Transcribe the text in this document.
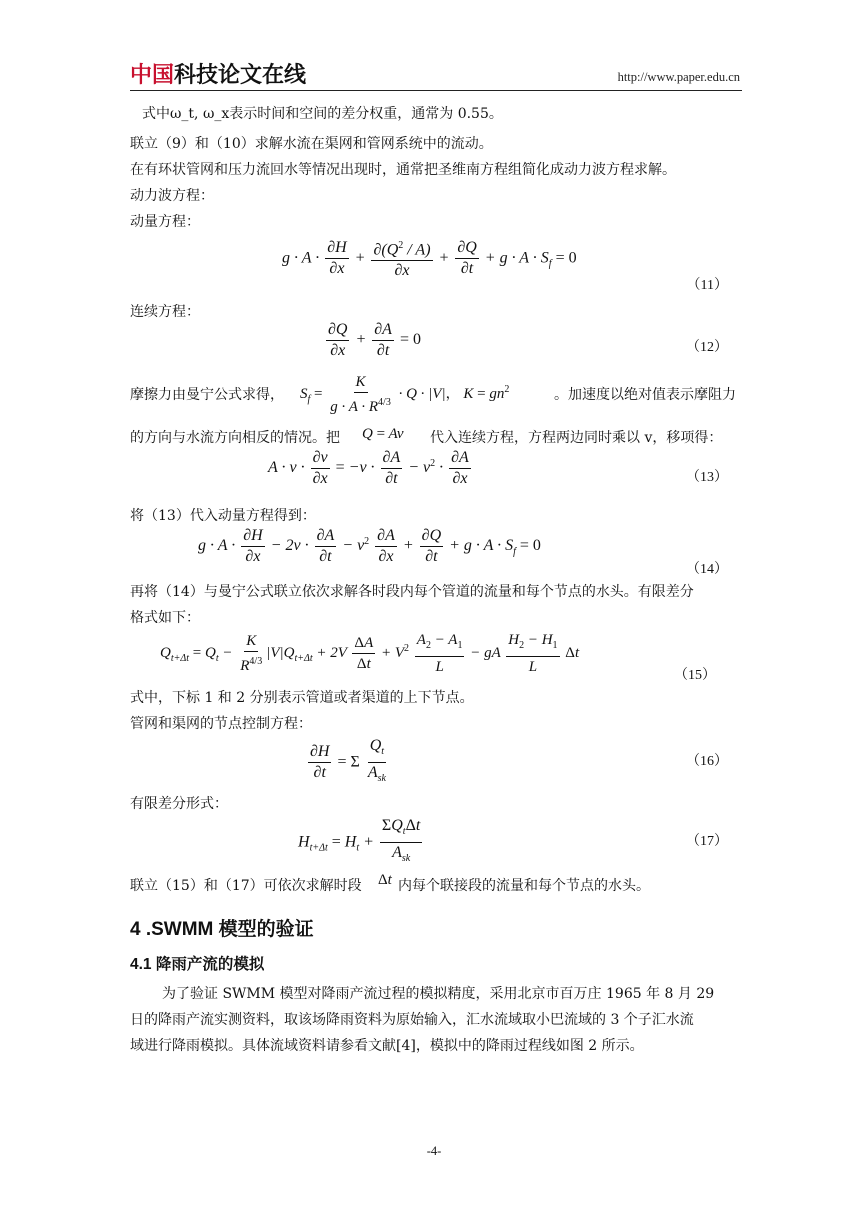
中国科技论文在线	http://www.paper.edu.cn
式中ω_t, ω_x表示时间和空间的差分权重，通常为 0.55。
联立（9）和（10）求解水流在渠网和管网系统中的流动。
在有环状管网和压力流回水等情况出现时，通常把圣维南方程组简化成动力波方程求解。
动力波方程：
动量方程：
$g \cdot A \cdot \frac{\partial H}{\partial x} + \frac{\partial(Q^2 / A)}{\partial x} + \frac{\partial Q}{\partial t} + g \cdot A \cdot S_f = 0$
（11）
连续方程：
$\frac{\partial Q}{\partial x} + \frac{\partial A}{\partial t} = 0$	（12）
摩擦力由曼宁公式求得， $S_f = \frac{K}{g \cdot A \cdot R^{4/3}} \cdot Q \cdot |V|$， $K = gn^2$	。加速度以绝对值表示摩阻力
的方向与水流方向相反的情况。把 Q = Av 代入连续方程，方程两边同时乘以 v，移项得：
$A \cdot v \cdot \frac{\partial v}{\partial x} = -v \cdot \frac{\partial A}{\partial t} - v^2 \cdot \frac{\partial A}{\partial x}$	（13）
将（13）代入动量方程得到：
$g \cdot A \cdot \frac{\partial H}{\partial x} - 2v \cdot \frac{\partial A}{\partial t} - v^2 \frac{\partial A}{\partial x} + \frac{\partial Q}{\partial t} + g \cdot A \cdot S_f = 0$
（14）
再将（14）与曼宁公式联立依次求解各时段内每个管道的流量和每个节点的水头。有限差分
格式如下：
$Q_{t+\Delta t} = Q_t - \frac{K}{R^{4/3}} |V|Q_{t+\Delta t} + 2V \frac{\Delta A}{\Delta t} + V^2 \frac{A_2 - A_1}{L}$ − gA $\frac{H_2 - H_1}{L}$ Δt
（15）
式中，下标 1 和 2 分别表示管道或者渠道的上下节点。
管网和渠网的节点控制方程：
$\frac{\partial H}{\partial t} = \Sigma \frac{Q_t}{A_{sk}}$	（16）
有限差分形式：
$H_{t+\Delta t} = H_t + \frac{\Sigma Q_t\Delta t}{A_{sk}}$	（17）
联立（15）和（17）可依次求解时段 Δt 内每个联接段的流量和每个节点的水头。
4 .SWMM 模型的验证
4.1 降雨产流的模拟
为了验证 SWMM 模型对降雨产流过程的模拟精度，采用北京市百万庄 1965 年 8 月 29
日的降雨产流实测资料，取该场降雨资料为原始输入，汇水流域取小巴流域的 3 个子汇水流
域进行降雨模拟。具体流域资料请参看文献[4]，模拟中的降雨过程线如图 2 所示。
-4-
